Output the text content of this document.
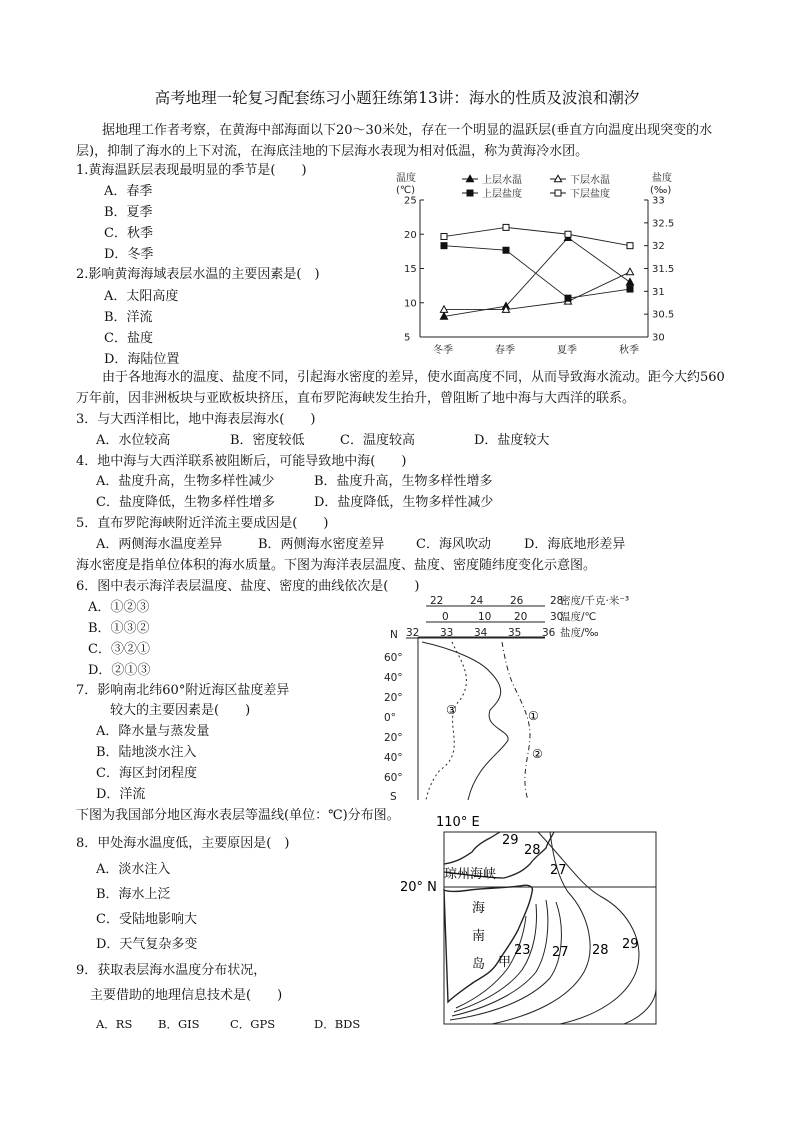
高考地理一轮复习配套练习小题狂练第13讲：海水的性质及波浪和潮汐
据地理工作者考察，在黄海中部海面以下20～30米处，存在一个明显的温跃层(垂直方向温度出现突变的水层)，抑制了海水的上下对流，在海底洼地的下层海水表现为相对低温，称为黄海冷水团。
1.黄海温跃层表现最明显的季节是(　　)
A．春季
B．夏季
C．秋季
D．冬季
2.影响黄海海域表层水温的主要因素是(　)
A．太阳高度
B．洋流
C．盐度
D．海陆位置
温度
(℃)
盐度
(‰)
上层水温	下层水温
上层盐度	下层盐度
25
20
15
10
5
33
32.5
32
31.5
31
30.5
30
冬季	春季	夏季	秋季
由于各地海水的温度、盐度不同，引起海水密度的差异，使水面高度不同，从而导致海水流动。距今大约560万年前，因非洲板块与亚欧板块挤压，直布罗陀海峡发生抬升，曾阻断了地中海与大西洋的联系。
3．与大西洋相比，地中海表层海水(　　)
A．水位较高	B．密度较低	C．温度较高	D．盐度较大
4．地中海与大西洋联系被阻断后，可能导致地中海(　　)
A．盐度升高，生物多样性减少	B．盐度升高，生物多样性增多
C．盐度降低，生物多样性增多	D．盐度降低，生物多样性减少
5．直布罗陀海峡附近洋流主要成因是(　　)
A．两侧海水温度差异	B．两侧海水密度差异 C．海风吹动	D．海底地形差异
海水密度是指单位体积的海水质量。下图为海洋表层温度、盐度、密度随纬度变化示意图。
6．图中表示海洋表层温度、盐度、密度的曲线依次是(　　)
A．①②③
B．①③②
C．③②①
D．②①③
7．影响南北纬60°附近海区盐度差异
较大的主要因素是(　　)
A．降水量与蒸发量
B．陆地淡水注入
C．海区封闭程度
D．洋流
22	24	26	28
密度/千克·米⁻³
0	10 20 30
温度/℃
32 33 34 35 36 盐度/‰
N
60°
40°
20°
0°
20°
40°
60°
S
①
②
③
下图为我国部分地区海水表层等温线(单位：℃)分布图。
8．甲处海水温度低，主要原因是(　)
A．淡水注入
B．海水上泛
C．受陆地影响大
D．天气复杂多变
9．获取表层海水温度分布状况，
主要借助的地理信息技术是(　　)
A．RS B．GIS	C．GPS	D．BDS
110° E
20° N
琼州海峡
海
南
岛 甲
29
28
27
23 27 28 29
